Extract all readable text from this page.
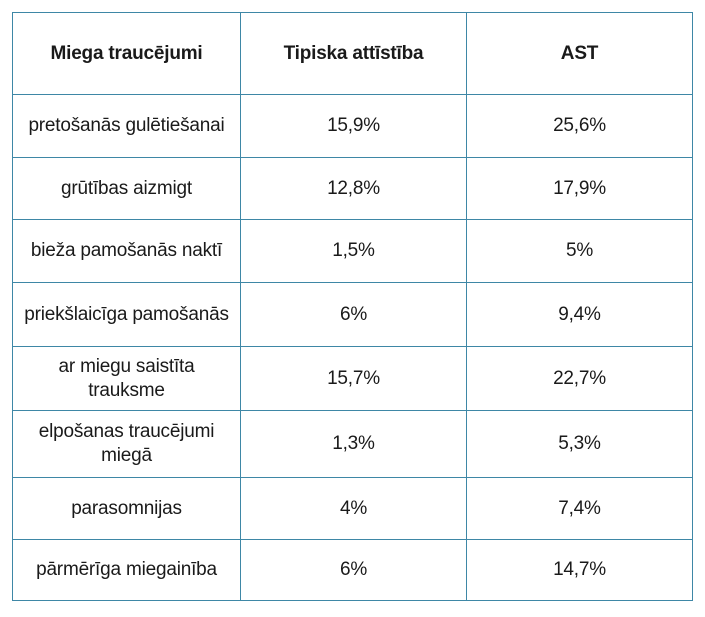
Miega traucējumi	Tipiska attīstība	AST
pretošanās gulētiešanai	15,9%	25,6%
grūtības aizmigt	12,8%	17,9%
bieža pamošanās naktī	1,5%	5%
priekšlaicīga pamošanās	6%	9,4%
ar miegu saistīta trauksme	15,7%	22,7%
elpošanas traucējumi miegā	1,3%	5,3%
parasomnijas	4%	7,4%
pārmērīga miegainība	6%	14,7%
